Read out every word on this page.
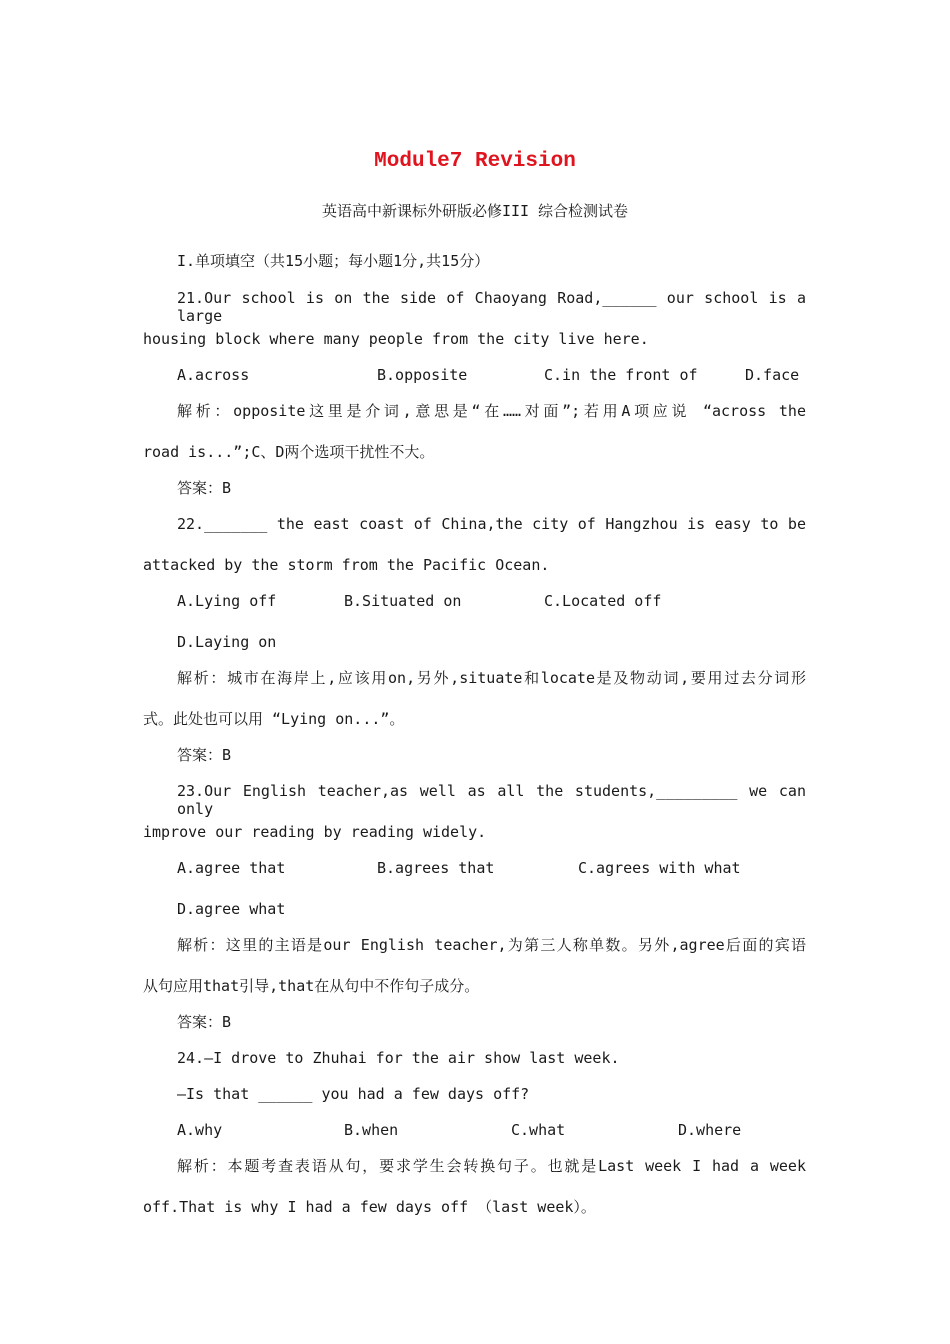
Module7 Revision
英语高中新课标外研版必修III 综合检测试卷
I.单项填空（共15小题；每小题1分,共15分）
21.Our school is on the side of Chaoyang Road,______ our school is a large
housing block where many people from the city live here.
A.across	B.opposite	C.in the front of	D.face
解析：opposite这里是介词,意思是“在……对面”;若用A项应说 “across the
road is...”;C、D两个选项干扰性不大。
答案：B
22._______ the east coast of China,the city of Hangzhou is easy to be
attacked by the storm from the Pacific Ocean.
A.Lying off	B.Situated on	C.Located off
D.Laying on
解析：城市在海岸上,应该用on,另外,situate和locate是及物动词,要用过去分词形
式。此处也可以用 “Lying on...”。
答案：B
23.Our English teacher,as well as all the students,_________ we can only
improve our reading by reading widely.
A.agree that	B.agrees that	C.agrees with what
D.agree what
解析：这里的主语是our English teacher,为第三人称单数。另外,agree后面的宾语
从句应用that引导,that在从句中不作句子成分。
答案：B
24.—I drove to Zhuhai for the air show last week.
—Is that ______ you had a few days off?
A.why	B.when	C.what	D.where
解析：本题考查表语从句，要求学生会转换句子。也就是Last week I had a week
off.That is why I had a few days off （last week）。
